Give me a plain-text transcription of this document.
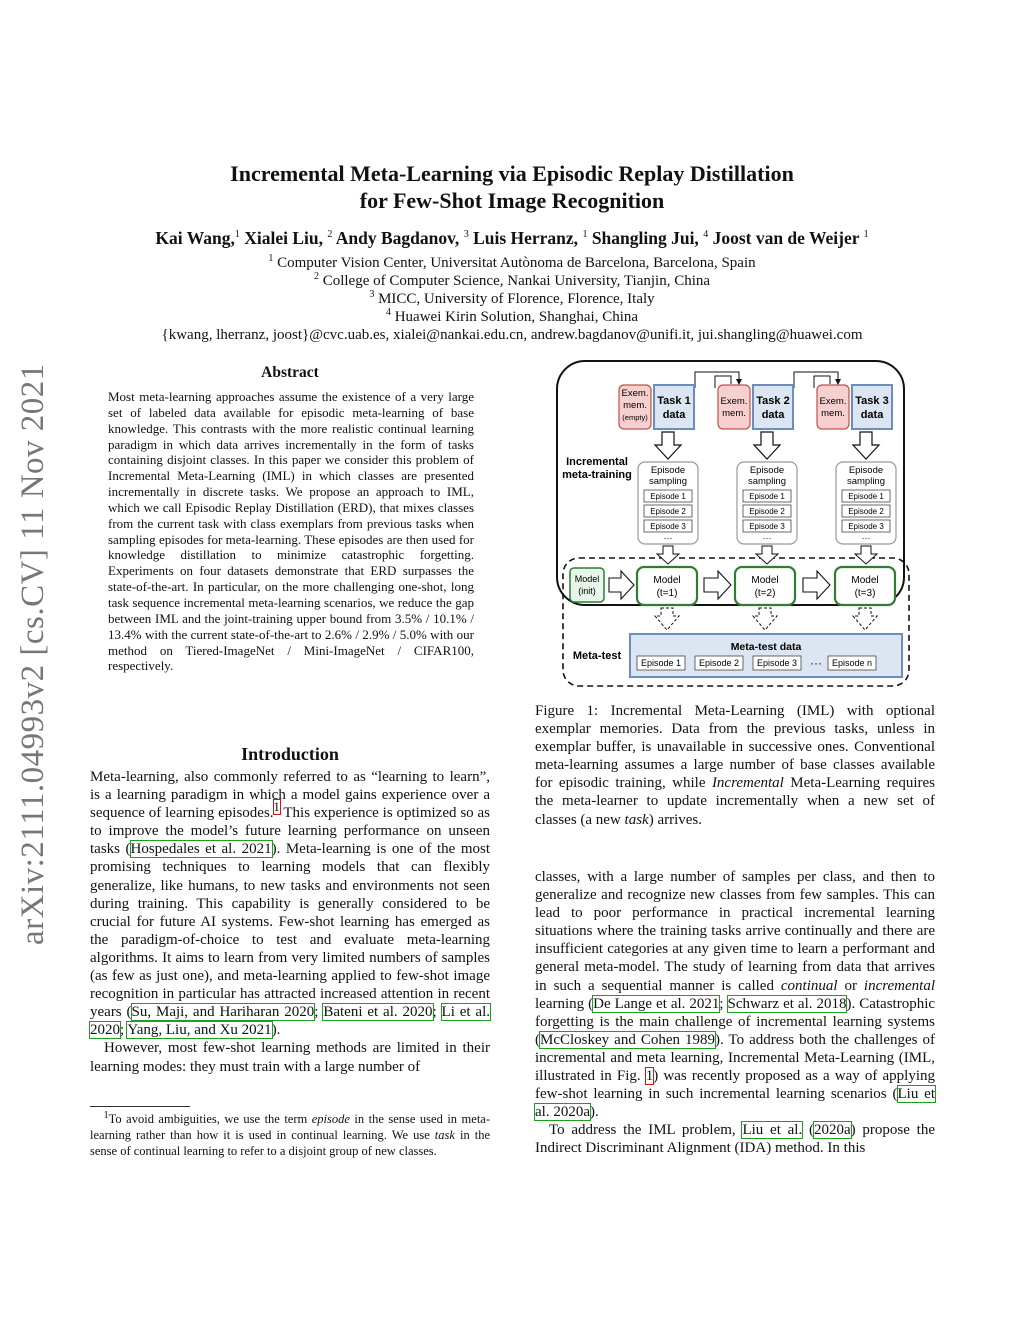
arXiv:2111.04993v2 [cs.CV] 11 Nov 2021
Incremental Meta-Learning via Episodic Replay Distillation
for Few-Shot Image Recognition
Kai Wang,$^1$ Xialei Liu, $^2$ Andy Bagdanov, $^3$ Luis Herranz, $^1$ Shangling Jui, $^4$ Joost van de Weijer $^1$
$^1$ Computer Vision Center, Universitat Autònoma de Barcelona, Barcelona, Spain
$^2$ College of Computer Science, Nankai University, Tianjin, China
$^3$ MICC, University of Florence, Florence, Italy
$^4$ Huawei Kirin Solution, Shanghai, China
{kwang, lherranz, joost}@cvc.uab.es, xialei@nankai.edu.cn, andrew.bagdanov@unifi.it, jui.shangling@huawei.com
Abstract
Most meta-learning approaches assume the existence of a very large set of labeled data available for episodic meta-learning of base knowledge. This contrasts with the more realistic continual learning paradigm in which data arrives incrementally in the form of tasks containing disjoint classes. In this paper we consider this problem of Incremental Meta-Learning (IML) in which classes are presented incrementally in discrete tasks. We propose an approach to IML, which we call Episodic Replay Distillation (ERD), that mixes classes from the current task with class exemplars from previous tasks when sampling episodes for meta-learning. These episodes are then used for knowledge distillation to minimize catastrophic forgetting. Experiments on four datasets demonstrate that ERD surpasses the state-of-the-art. In particular, on the more challenging one-shot, long task sequence incremental meta-learning scenarios, we reduce the gap between IML and the joint-training upper bound from 3.5% / 10.1% / 13.4% with the current state-of-the-art to 2.6% / 2.9% / 5.0% with our method on Tiered-ImageNet / Mini-ImageNet / CIFAR100, respectively.
Introduction

Meta-learning, also commonly referred to as “learning to learn”, is a learning paradigm in which a model gains experience over a sequence of learning episodes.$^1$ This experience is optimized so as to improve the model’s future learning performance on unseen tasks (Hospedales et al. 2021). Meta-learning is one of the most promising techniques to learning models that can flexibly generalize, like humans, to new tasks and environments not seen during training. This capability is generally considered to be crucial for future AI systems. Few-shot learning has emerged as the paradigm-of-choice to test and evaluate meta-learning algorithms. It aims to learn from very limited numbers of samples (as few as just one), and meta-learning applied to few-shot image recognition in particular has attracted increased attention in recent years (Su, Maji, and Hariharan 2020; Bateni et al. 2020; Li et al. 2020; Yang, Liu, and Xu 2021).

However, most few-shot learning methods are limited in their learning modes: they must train with a large number of

$^1$To avoid ambiguities, we use the term episode in the sense used in meta-learning rather than how it is used in continual learning. We use task in the sense of continual learning to refer to a disjoint group of new classes.
Exem.
mem.
(empty)
Task 1
data
Exem.
mem.
Task 2
data
Exem.
mem.
Task 3
data
Incremental
meta-training Episode
sampling
Episode 1
Episode 2
Episode 3
···
Episode
sampling
Episode 1
Episode 2
Episode 3
···
Episode
sampling
Episode 1
Episode 2
Episode 3
···
Model
(init)
Model
(t=1)
Model
(t=2)
Model
(t=3)
Meta-test
Meta-test data
Episode 1 Episode 2 Episode 3 ··· Episode n
Figure 1: Incremental Meta-Learning (IML) with optional exemplar memories. Data from the previous tasks, unless in exemplar buffer, is unavailable in successive ones. Conventional meta-learning assumes a large number of base classes available for episodic training, while Incremental Meta-Learning requires the meta-learner to update incrementally when a new set of classes (a new task) arrives.

classes, with a large number of samples per class, and then to generalize and recognize new classes from few samples. This can lead to poor performance in practical incremental learning situations where the training tasks arrive continually and there are insufficient categories at any given time to learn a performant and general meta-model. The study of learning from data that arrives in such a sequential manner is called continual or incremental learning (De Lange et al. 2021; Schwarz et al. 2018). Catastrophic forgetting is the main challenge of incremental learning systems (McCloskey and Cohen 1989). To address both the challenges of incremental and meta learning, Incremental Meta-Learning (IML, illustrated in Fig. 1) was recently proposed as a way of applying few-shot learning in such incremental learning scenarios (Liu et al. 2020a).

To address the IML problem, Liu et al. (2020a) propose the Indirect Discriminant Alignment (IDA) method. In this
